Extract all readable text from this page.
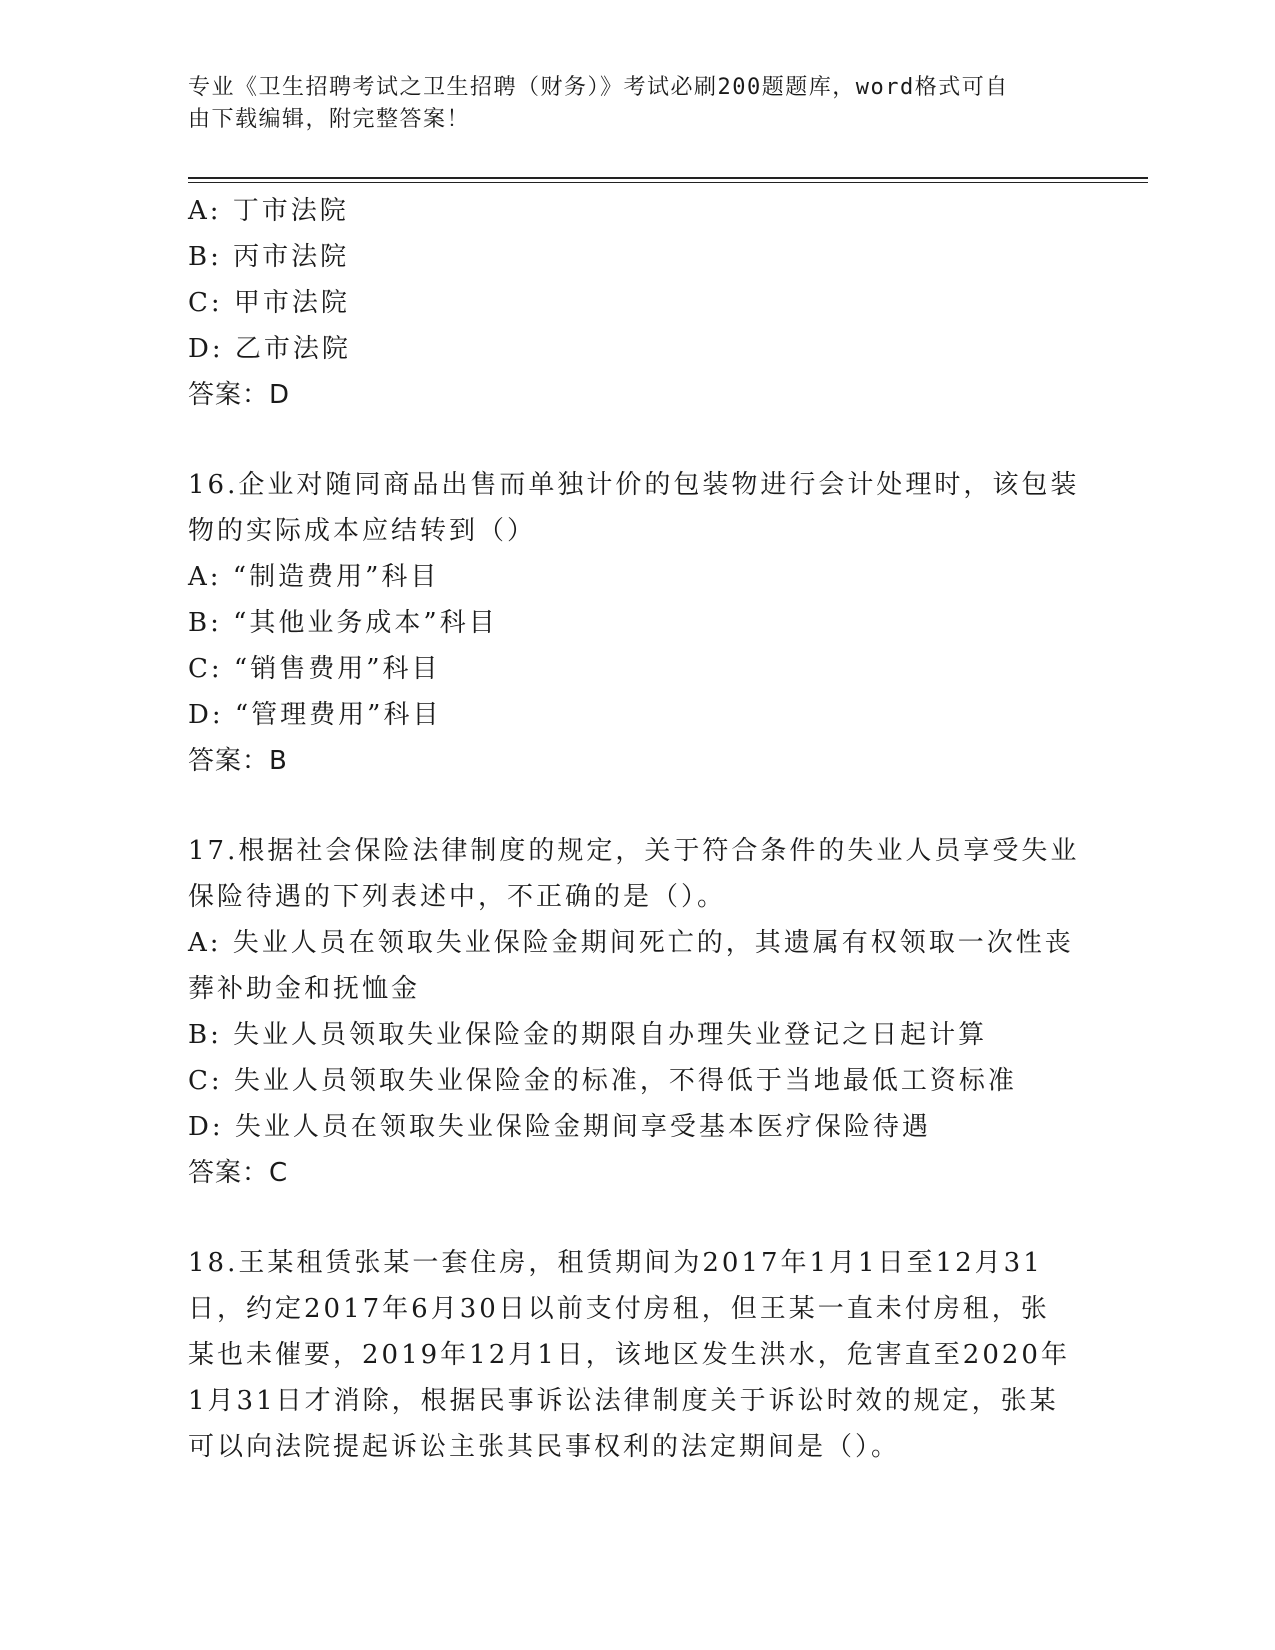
专业《卫生招聘考试之卫生招聘（财务）》考试必刷200题题库，word格式可自
由下载编辑，附完整答案！
A: 丁市法院
B: 丙市法院
C: 甲市法院
D: 乙市法院
答案：D
16.企业对随同商品出售而单独计价的包装物进行会计处理时，该包装
物的实际成本应结转到（）
A: “制造费用”科目
B: “其他业务成本”科目
C: “销售费用”科目
D: “管理费用”科目
答案：B
17.根据社会保险法律制度的规定，关于符合条件的失业人员享受失业
保险待遇的下列表述中，不正确的是（）。
A: 失业人员在领取失业保险金期间死亡的，其遗属有权领取一次性丧
葬补助金和抚恤金
B: 失业人员领取失业保险金的期限自办理失业登记之日起计算
C: 失业人员领取失业保险金的标准，不得低于当地最低工资标准
D: 失业人员在领取失业保险金期间享受基本医疗保险待遇
答案：C
18.王某租赁张某一套住房，租赁期间为2017年1月1日至12月31
日，约定2017年6月30日以前支付房租，但王某一直未付房租，张
某也未催要，2019年12月1日，该地区发生洪水，危害直至2020年
1月31日才消除，根据民事诉讼法律制度关于诉讼时效的规定，张某
可以向法院提起诉讼主张其民事权利的法定期间是（）。
